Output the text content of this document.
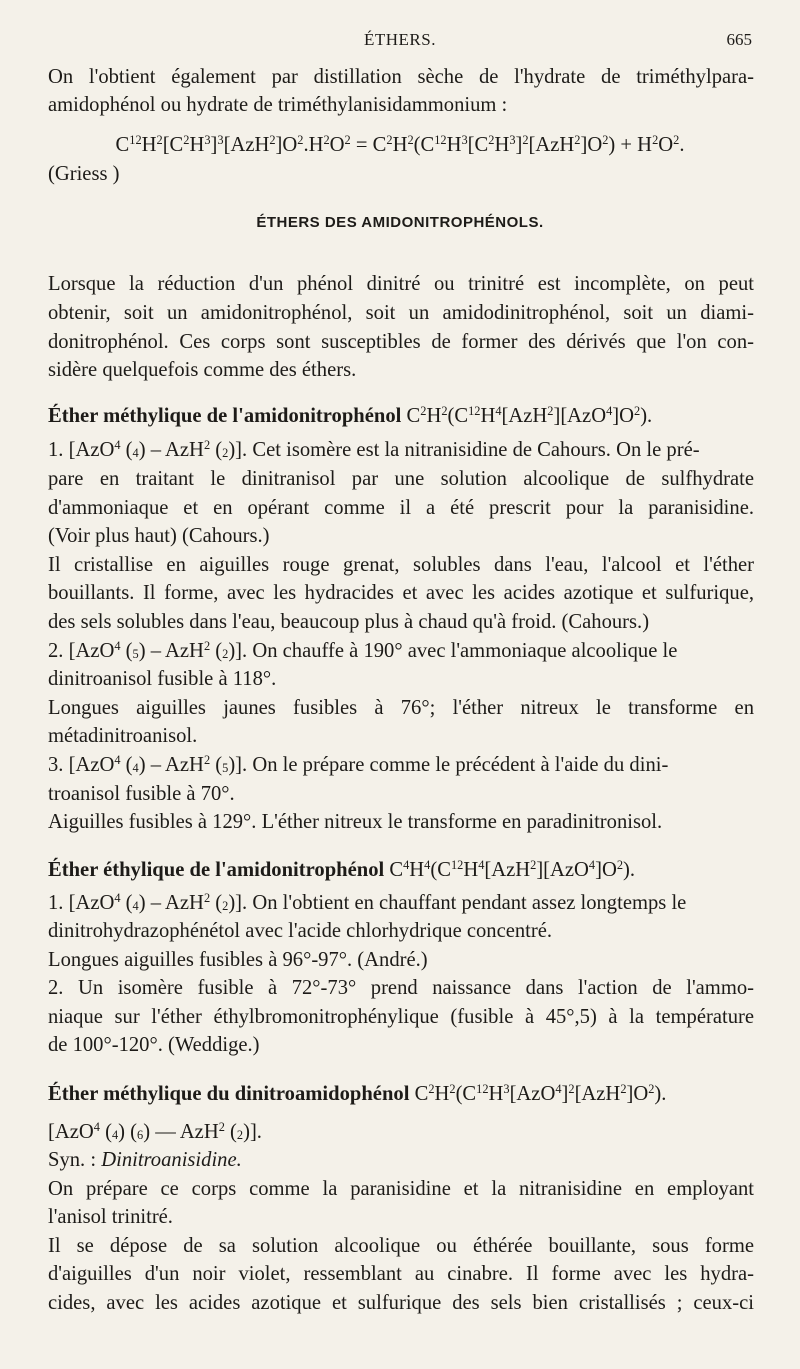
ÉTHERS.	665
On l'obtient également par distillation sèche de l'hydrate de triméthylpara-
amidophénol ou hydrate de triméthylanisidammonium :
$C^{12}H^2[C^2H^3]^3[AzH^2]O^2.H^2O^2 = C^2H^2(C^{12}H^3[C^2H^3]^2[AzH^2]O^2) + H^2O^2$.
(Griess )
ÉTHERS DES AMIDONITROPHÉNOLS.
Lorsque la réduction d'un phénol dinitré ou trinitré est incomplète, on peut
obtenir, soit un amidonitrophénol, soit un amidodinitrophénol, soit un diami-
donitrophénol. Ces corps sont susceptibles de former des dérivés que l'on con-
sidère quelquefois comme des éthers.
Éther méthylique de l'amidonitrophénol $C^2H^2(C^{12}H^4[AzH^2][AzO^4]O^2)$.
1. [AzO$^4$ $(_4) - AzH^2$ $(_2)$]. Cet isomère est la nitranisidine de Cahours. On le pré-
pare en traitant le dinitranisol par une solution alcoolique de sulfhydrate
d'ammoniaque et en opérant comme il a été prescrit pour la paranisidine.
(Voir plus haut) (Cahours.)
Il cristallise en aiguilles rouge grenat, solubles dans l'eau, l'alcool et l'éther
bouillants. Il forme, avec les hydracides et avec les acides azotique et sulfurique,
des sels solubles dans l'eau, beaucoup plus à chaud qu'à froid. (Cahours.)
2. [AzO$^4$ $(_5) - AzH^2$ $(_2)$]. On chauffe à 190° avec l'ammoniaque alcoolique le
dinitroanisol fusible à 118°.
Longues aiguilles jaunes fusibles à 76°; l'éther nitreux le transforme en
métadinitroanisol.
3. [AzO$^4$ $(_4) - AzH^2$ $(_5)$]. On le prépare comme le précédent à l'aide du dini-
troanisol fusible à 70°.
Aiguilles fusibles à 129°. L'éther nitreux le transforme en paradinitronisol.
Éther éthylique de l'amidonitrophénol $C^4H^4(C^{12}H^4[AzH^2][AzO^4]O^2)$.
1. [AzO$^4$ $(_4) - AzH^2$ $(_2)$]. On l'obtient en chauffant pendant assez longtemps le
dinitrohydrazophénétol avec l'acide chlorhydrique concentré.
Longues aiguilles fusibles à 96°-97°. (André.)
2. Un isomère fusible à 72°-73° prend naissance dans l'action de l'ammo-
niaque sur l'éther éthylbromonitrophénylique (fusible à 45°,5) à la température
de 100°-120°. (Weddige.)
Éther méthylique du dinitroamidophénol $C^2H^2(C^{12}H^3[AzO^4]^2[AzH^2]O^2)$.
[AzO$^4$ $(_4)$ $(_6)$ — AzH$^2$ $(_2)$].
Syn. : Dinitroanisidine.
On prépare ce corps comme la paranisidine et la nitranisidine en employant
l'anisol trinitré.
Il se dépose de sa solution alcoolique ou éthérée bouillante, sous forme
d'aiguilles d'un noir violet, ressemblant au cinabre. Il forme avec les hydra-
cides, avec les acides azotique et sulfurique des sels bien cristallisés ; ceux-ci
